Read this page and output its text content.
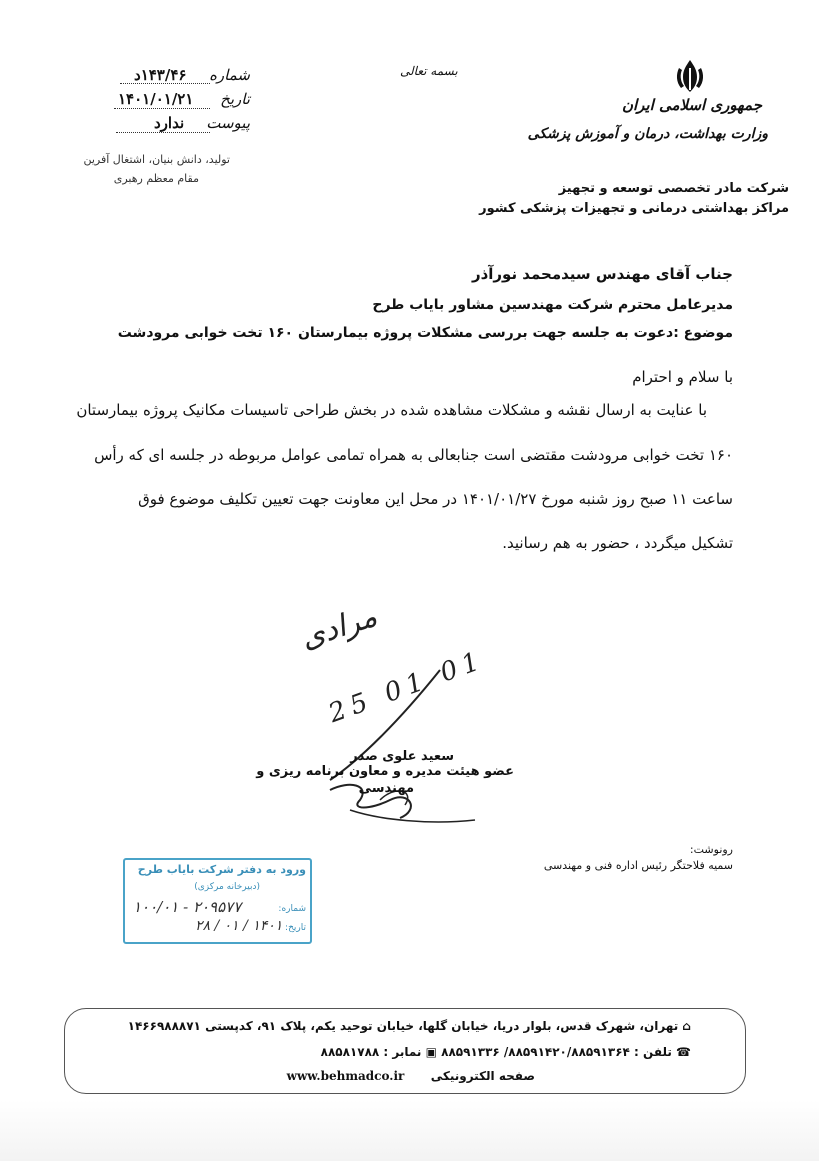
جمهوری اسلامی ایران
وزارت بهداشت، درمان و آموزش پزشکی
شرکت مادر تخصصی توسعه و تجهیز
مراکز بهداشتی درمانی و تجهیزات پزشکی کشور
بسمه تعالی
۱۴۳/۴۶د شماره
۱۴۰۱/۰۱/۲۱ تاریخ
ندارد پیوست
تولید، دانش بنیان، اشتغال آفرین
مقام معظم رهبری
جناب آقای مهندس سیدمحمد نورآذر
مدیرعامل محترم شرکت مهندسین مشاور بایاب طرح
موضوع :دعوت به جلسه جهت بررسی مشکلات پروژه بیمارستان ۱۶۰ تخت خوابی مرودشت
با سلام و احترام
با عنایت به ارسال نقشه و مشکلات مشاهده شده در بخش طراحی تاسیسات مکانیک پروژه بیمارستان
۱۶۰ تخت خوابی مرودشت مقتضی است جنابعالی به همراه تمامی عوامل مربوطه در جلسه ای که رأس
ساعت ۱۱ صبح روز شنبه مورخ ۱۴۰۱/۰۱/۲۷ در محل این معاونت جهت تعیین تکلیف موضوع فوق
تشکیل میگردد ، حضور به هم رسانید.
مرادی
25 01 01
سعید علوی صدر
عضو هیئت مدیره و معاون برنامه ریزی و
مهندسی
رونوشت:
سمیه فلاحتگر رئیس اداره فنی و مهندسی
ورود به دفتر شرکت بایاب طرح
(دبیرخانه مرکزی)
شماره:
۱۰۰/۰۱ - ۲۰۹۵۷۷
تاریخ:
۲۸ / ۰۱ / ۱۴۰۱
⌂ تهران، شهرک قدس، بلوار دریا، خیابان گلها، خیابان توحید یکم، پلاک ۹۱، کدپستی ۱۴۶۶۹۸۸۸۷۱
☎ تلفن : ۸۸۵۹۱۴۲۰/۸۸۵۹۱۳۶۴/ ۸۸۵۹۱۳۳۶ ▣ نمابر : ۸۸۵۸۱۷۸۸
صفحه الکترونیکی  www.behmadco.ir
